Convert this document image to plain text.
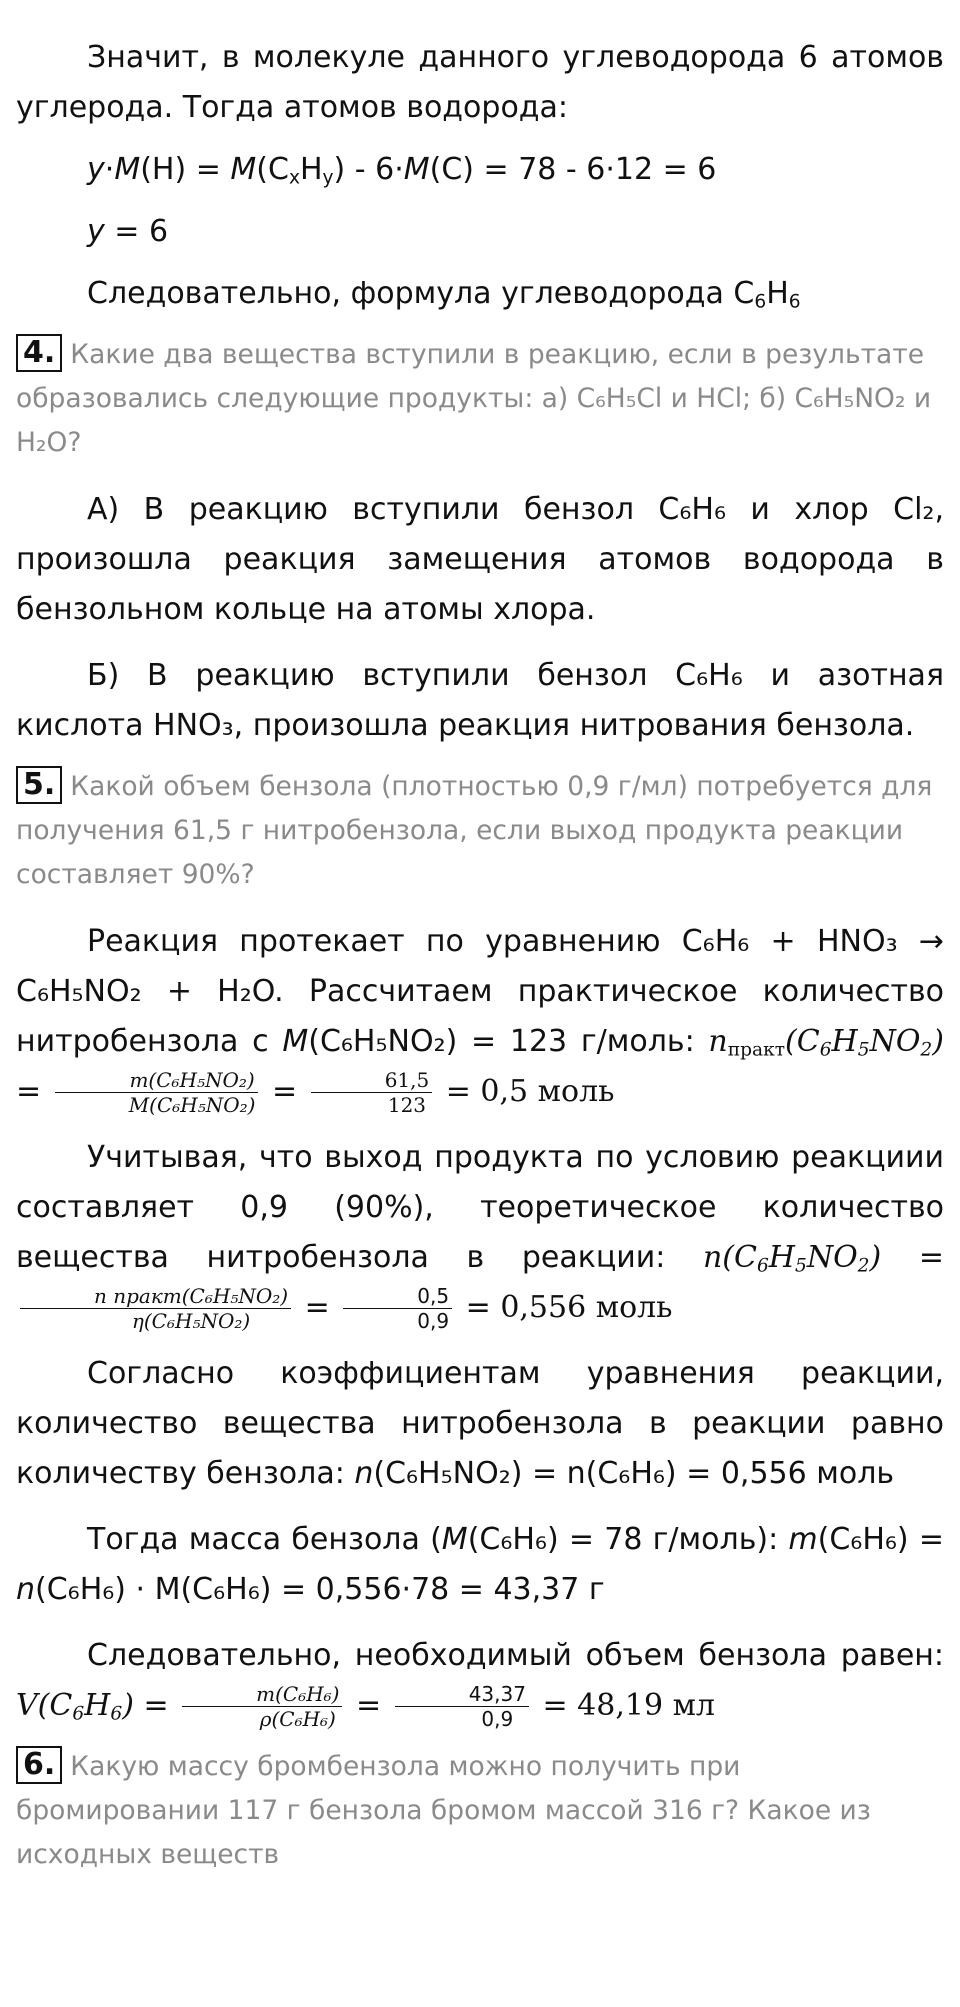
Значит, в молекуле данного углеводорода 6 атомов углерода. Тогда атомов водорода:

$y\cdot M(H) = M(C_xH_y) - 6\cdot M(C) = 78 - 6\cdot 12 = 6$

y = 6

Следовательно, формула углеводорода $C_6H_6$

4. Какие два вещества вступили в реакцию, если в результате образовались следующие продукты: а) C₆H₅Cl и HCl; б) C₆H₅NO₂ и H₂O?

А) В реакцию вступили бензол C₆H₆ и хлор Cl₂, произошла реакция замещения атомов водорода в бензольном кольце на атомы хлора.

Б) В реакцию вступили бензол C₆H₆ и азотная кислота HNO₃, произошла реакция нитрования бензола.

5. Какой объем бензола (плотностью 0,9 г/мл) потребуется для получения 61,5 г нитробензола, если выход продукта реакции составляет 90%?

Реакция протекает по уравнению C₆H₆ + HNO₃ → C₆H₅NO₂ + H₂O. Рассчитаем практическое количество нитробензола с M(C₆H₅NO₂) = 123 г/моль: $n_{практ}(C_6H_5NO_2) = \frac{\text{m(C₆H₅NO₂)}}{\text{M(C₆H₅NO₂)}} = \frac{61,5}{123} = 0,5$ моль

Учитывая, что выход продукта по условию реакциии составляет 0,9 (90%), теоретическое количество вещества нитробензола в реакции: $n(C_6H_5NO_2)$ =
$\frac{\text{n практ(C₆H₅NO₂)}}{\text{η(C₆H₅NO₂)}} = \frac{0,5}{0,9} = 0,556$ моль

Согласно коэффициентам уравнения реакции, количество вещества нитробензола в реакции равно количеству бензола: n(C₆H₅NO₂) = n(C₆H₆) = 0,556 моль

Тогда масса бензола (M(C₆H₆) = 78 г/моль): m(C₆H₆) = n(C₆H₆) · M(C₆H₆) = 0,556·78 = 43,37 г

Следовательно, необходимый объем бензола равен: $V(C_6H_6) = \frac{\text{m(C₆H₆)}}{\text{ρ(C₆H₆)}} = \frac{43,37}{0,9} = 48,19$ мл

6. Какую массу бромбензола можно получить при бромировании 117 г бензола бромом массой 316 г? Какое из исходных веществ
